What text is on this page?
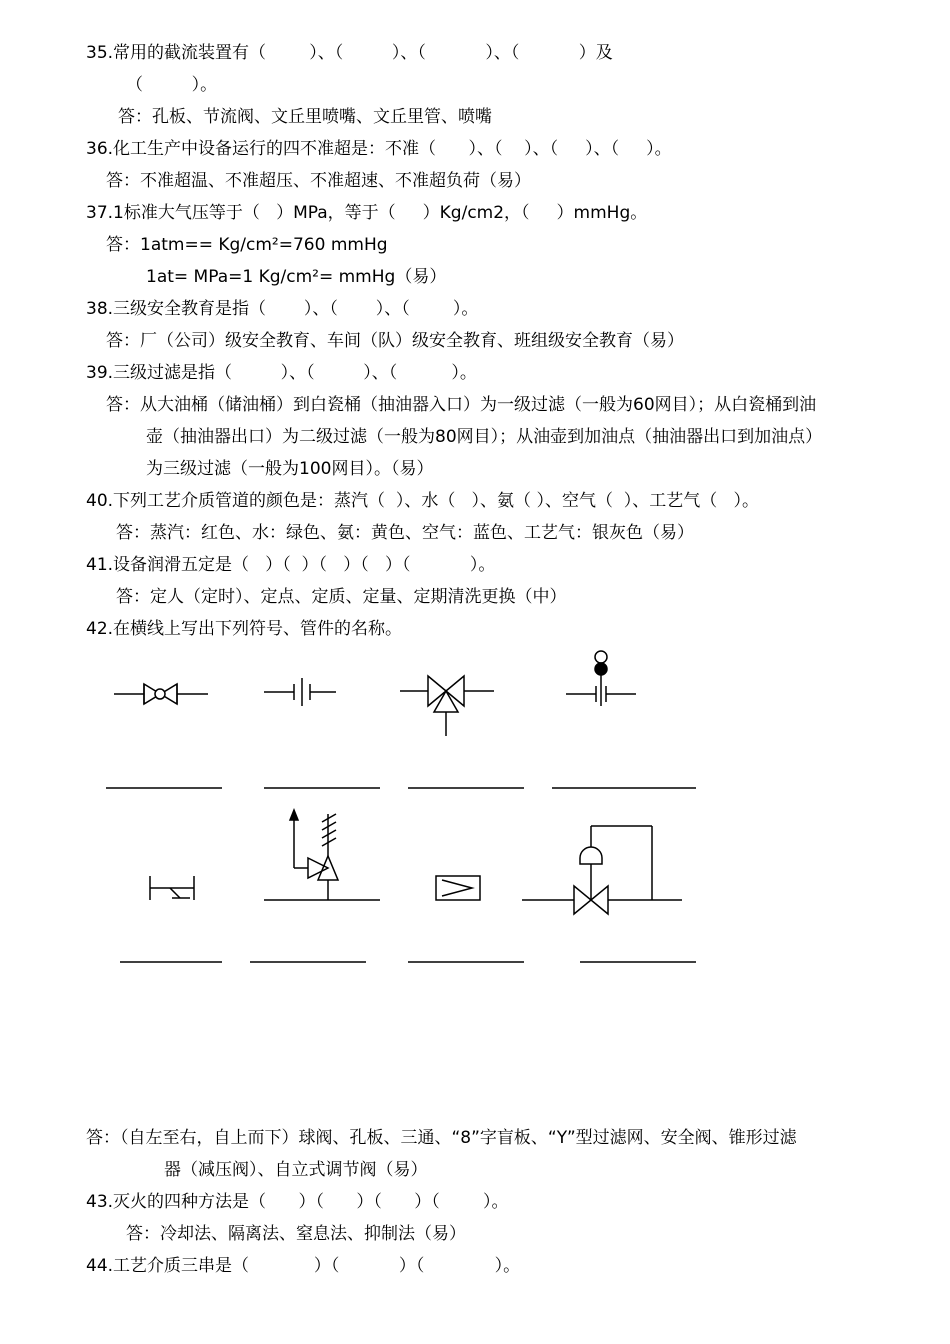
35.常用的截流装置有（        ）、（         ）、（           ）、（           ）及
（         ）。
答：孔板、节流阀、文丘里喷嘴、文丘里管、喷嘴
36.化工生产中设备运行的四不准超是：不准（      ）、（    ）、（     ）、（     ）。
答：不准超温、不准超压、不准超速、不准超负荷（易）
37.1标准大气压等于（   ）MPa，等于（     ）Kg/cm2，（     ）mmHg。
答：1atm== Kg/cm²=760 mmHg
1at= MPa=1 Kg/cm²= mmHg（易）
38.三级安全教育是指（       ）、（       ）、（        ）。
答：厂（公司）级安全教育、车间（队）级安全教育、班组级安全教育（易）
39.三级过滤是指（         ）、（         ）、（          ）。
答：从大油桶（储油桶）到白瓷桶（抽油器入口）为一级过滤（一般为60网目）；从白瓷桶到油
壶（抽油器出口）为二级过滤（一般为80网目）；从油壶到加油点（抽油器出口到加油点）
为三级过滤（一般为100网目）。（易）
40.下列工艺介质管道的颜色是：蒸汽（  ）、水（   ）、氨（ ）、空气（  ）、工艺气（   ）。
答：蒸汽：红色、水：绿色、氨：黄色、空气：蓝色、工艺气：银灰色（易）
41.设备润滑五定是（   ）（  ）（   ）（   ）（           ）。
答：定人（定时）、定点、定质、定量、定期清洗更换（中）
42.在横线上写出下列符号、管件的名称。
答：（自左至右，自上而下）球阀、孔板、三通、“8”字盲板、“Y”型过滤网、安全阀、锥形过滤
器（减压阀）、自立式调节阀（易）
43.灭火的四种方法是（      ）（      ）（      ）（        ）。
答：冷却法、隔离法、窒息法、抑制法（易）
44.工艺介质三串是（            ）（           ）（             ）。
